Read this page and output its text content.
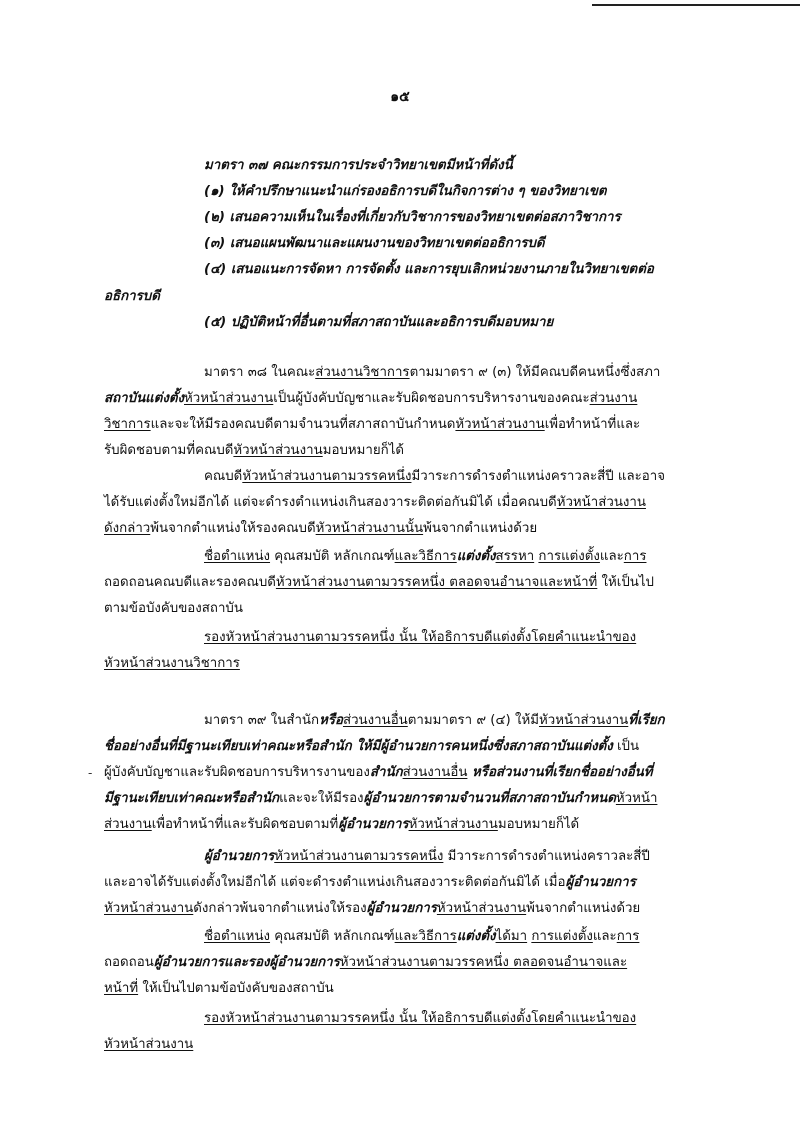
๑๕
มาตรา ๓๗ คณะกรรมการประจำวิทยาเขตมีหน้าที่ดังนี้
(๑) ให้คำปรึกษาแนะนำแก่รองอธิการบดีในกิจการต่าง ๆ ของวิทยาเขต
(๒) เสนอความเห็นในเรื่องที่เกี่ยวกับวิชาการของวิทยาเขตต่อสภาวิชาการ
(๓) เสนอแผนพัฒนาและแผนงานของวิทยาเขตต่ออธิการบดี
(๔) เสนอแนะการจัดหา การจัดตั้ง และการยุบเลิกหน่วยงานภายในวิทยาเขตต่อ
อธิการบดี
(๕) ปฏิบัติหน้าที่อื่นตามที่สภาสถาบันและอธิการบดีมอบหมาย
มาตรา ๓๘ ในคณะส่วนงานวิชาการตามมาตรา ๙ (๓) ให้มีคณบดีคนหนึ่งซึ่งสภา
สถาบันแต่งตั้งหัวหน้าส่วนงานเป็นผู้บังคับบัญชาและรับผิดชอบการบริหารงานของคณะส่วนงาน
วิชาการและจะให้มีรองคณบดีตามจำนวนที่สภาสถาบันกำหนดหัวหน้าส่วนงานเพื่อทำหน้าที่และ
รับผิดชอบตามที่คณบดีหัวหน้าส่วนงานมอบหมายก็ได้
คณบดีหัวหน้าส่วนงานตามวรรคหนึ่งมีวาระการดำรงตำแหน่งคราวละสี่ปี และอาจ
ได้รับแต่งตั้งใหม่อีกได้ แต่จะดำรงตำแหน่งเกินสองวาระติดต่อกันมิได้ เมื่อคณบดีหัวหน้าส่วนงาน
ดังกล่าวพ้นจากตำแหน่งให้รองคณบดีหัวหน้าส่วนงานนั้นพ้นจากตำแหน่งด้วย
ชื่อตำแหน่ง คุณสมบัติ หลักเกณฑ์และวิธีการแต่งตั้งสรรหา การแต่งตั้งและการ
ถอดถอนคณบดีและรองคณบดีหัวหน้าส่วนงานตามวรรคหนึ่ง ตลอดจนอำนาจและหน้าที่ ให้เป็นไป
ตามข้อบังคับของสถาบัน
รองหัวหน้าส่วนงานตามวรรคหนึ่ง นั้น ให้อธิการบดีแต่งตั้งโดยคำแนะนำของ
หัวหน้าส่วนงานวิชาการ
มาตรา ๓๙ ในสำนักหรือส่วนงานอื่นตามมาตรา ๙ (๔) ให้มีหัวหน้าส่วนงานที่เรียก
ชื่ออย่างอื่นที่มีฐานะเทียบเท่าคณะหรือสำนัก ให้มีผู้อำนวยการคนหนึ่งซึ่งสภาสถาบันแต่งตั้ง เป็น
- ผู้บังคับบัญชาและรับผิดชอบการบริหารงานของสำนักส่วนงานอื่น หรือส่วนงานที่เรียกชื่ออย่างอื่นที่
มีฐานะเทียบเท่าคณะหรือสำนักและจะให้มีรองผู้อำนวยการตามจำนวนที่สภาสถาบันกำหนดหัวหน้า
ส่วนงานเพื่อทำหน้าที่และรับผิดชอบตามที่ผู้อำนวยการหัวหน้าส่วนงานมอบหมายก็ได้
ผู้อำนวยการหัวหน้าส่วนงานตามวรรคหนึ่ง มีวาระการดำรงตำแหน่งคราวละสี่ปี
และอาจได้รับแต่งตั้งใหม่อีกได้ แต่จะดำรงตำแหน่งเกินสองวาระติดต่อกันมิได้ เมื่อผู้อำนวยการ
หัวหน้าส่วนงานดังกล่าวพ้นจากตำแหน่งให้รองผู้อำนวยการหัวหน้าส่วนงานพ้นจากตำแหน่งด้วย
ชื่อตำแหน่ง คุณสมบัติ หลักเกณฑ์และวิธีการแต่งตั้งได้มา การแต่งตั้งและการ
ถอดถอนผู้อำนวยการและรองผู้อำนวยการหัวหน้าส่วนงานตามวรรคหนึ่ง ตลอดจนอำนาจและ
หน้าที่ ให้เป็นไปตามข้อบังคับของสถาบัน
รองหัวหน้าส่วนงานตามวรรคหนึ่ง นั้น ให้อธิการบดีแต่งตั้งโดยคำแนะนำของ
หัวหน้าส่วนงาน
